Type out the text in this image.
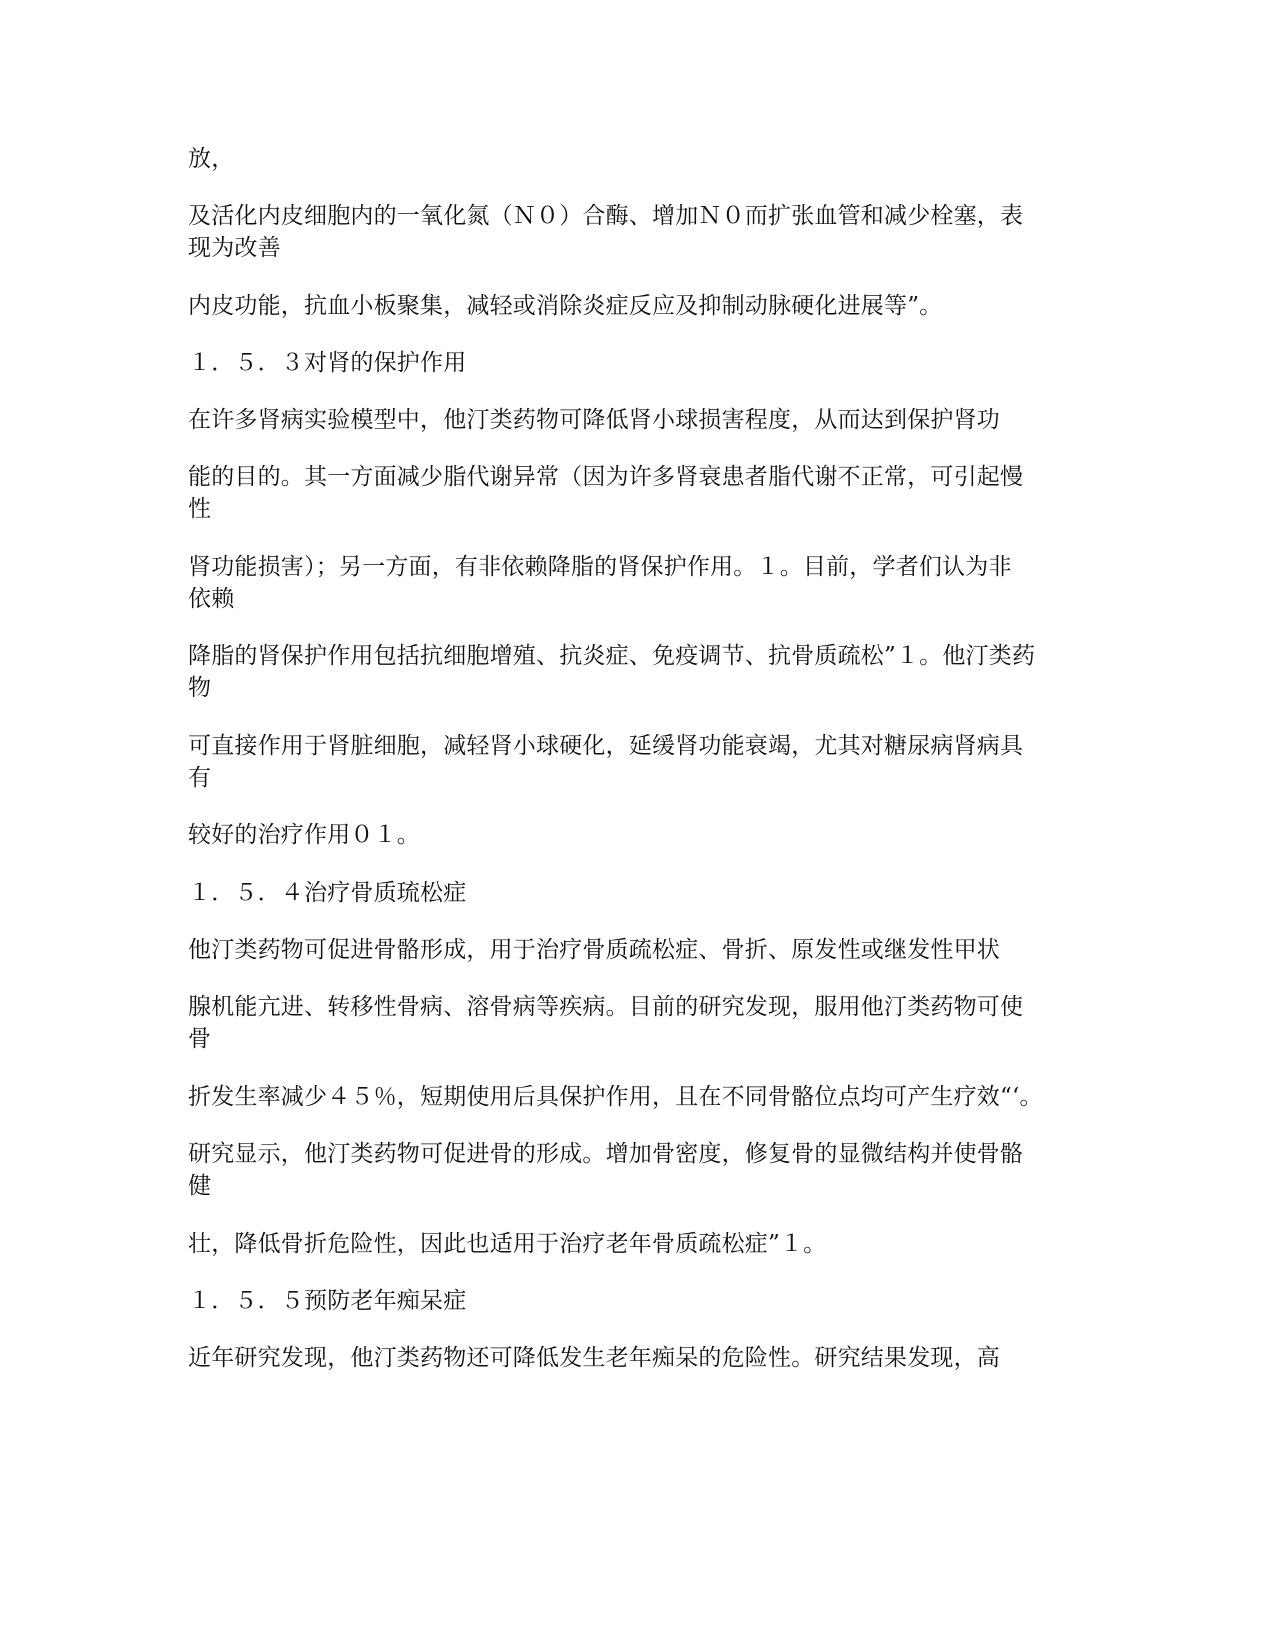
放，
及活化内皮细胞内的一氧化氮（Ｎ０）合酶、增加Ｎ０而扩张血管和减少栓塞，表
现为改善
内皮功能，抗血小板聚集，减轻或消除炎症反应及抑制动脉硬化进展等”。
１．５．３对肾的保护作用
在许多肾病实验模型中，他汀类药物可降低肾小球损害程度，从而达到保护肾功
能的目的。其一方面减少脂代谢异常（因为许多肾衰患者脂代谢不正常，可引起慢
性
肾功能损害）；另一方面，有非依赖降脂的肾保护作用。１。目前，学者们认为非
依赖
降脂的肾保护作用包括抗细胞增殖、抗炎症、免疫调节、抗骨质疏松”１。他汀类药
物
可直接作用于肾脏细胞，减轻肾小球硬化，延缓肾功能衰竭，尤其对糖尿病肾病具
有
较好的治疗作用０１。
１．５．４治疗骨质琉松症
他汀类药物可促进骨骼形成，用于治疗骨质疏松症、骨折、原发性或继发性甲状
腺机能亢进、转移性骨病、溶骨病等疾病。目前的研究发现，服用他汀类药物可使
骨
折发生率减少４５％，短期使用后具保护作用，且在不同骨骼位点均可产生疗效“‘。
研究显示，他汀类药物可促进骨的形成。增加骨密度，修复骨的显微结构并使骨骼
健
壮，降低骨折危险性，因此也适用于治疗老年骨质疏松症”１。
１．５．５预防老年痴呆症
近年研究发现，他汀类药物还可降低发生老年痴呆的危险性。研究结果发现，高
